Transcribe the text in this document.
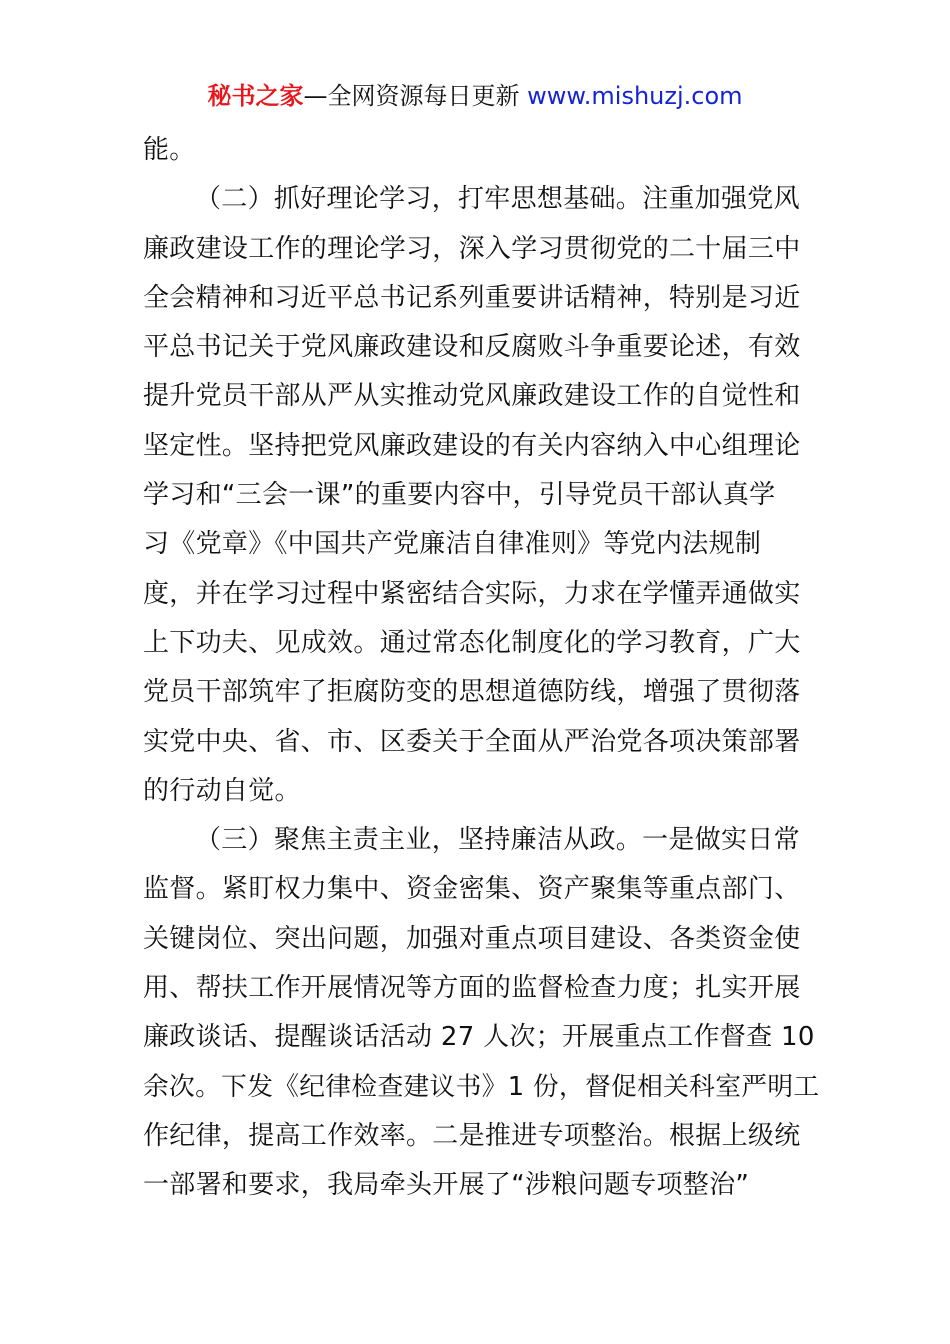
秘书之家—全网资源每日更新 www.mishuzj.com
能。
（二）抓好理论学习，打牢思想基础。注重加强党风
廉政建设工作的理论学习，深入学习贯彻党的二十届三中
全会精神和习近平总书记系列重要讲话精神，特别是习近
平总书记关于党风廉政建设和反腐败斗争重要论述，有效
提升党员干部从严从实推动党风廉政建设工作的自觉性和
坚定性。坚持把党风廉政建设的有关内容纳入中心组理论
学习和“三会一课”的重要内容中，引导党员干部认真学
习《党章》《中国共产党廉洁自律准则》等党内法规制
度，并在学习过程中紧密结合实际，力求在学懂弄通做实
上下功夫、见成效。通过常态化制度化的学习教育，广大
党员干部筑牢了拒腐防变的思想道德防线，增强了贯彻落
实党中央、省、市、区委关于全面从严治党各项决策部署
的行动自觉。
（三）聚焦主责主业，坚持廉洁从政。一是做实日常
监督。紧盯权力集中、资金密集、资产聚集等重点部门、
关键岗位、突出问题，加强对重点项目建设、各类资金使
用、帮扶工作开展情况等方面的监督检查力度；扎实开展
廉政谈话、提醒谈话活动 27 人次；开展重点工作督查 10
余次。下发《纪律检查建议书》1 份，督促相关科室严明工
作纪律，提高工作效率。二是推进专项整治。根据上级统
一部署和要求，我局牵头开展了“涉粮问题专项整治”
